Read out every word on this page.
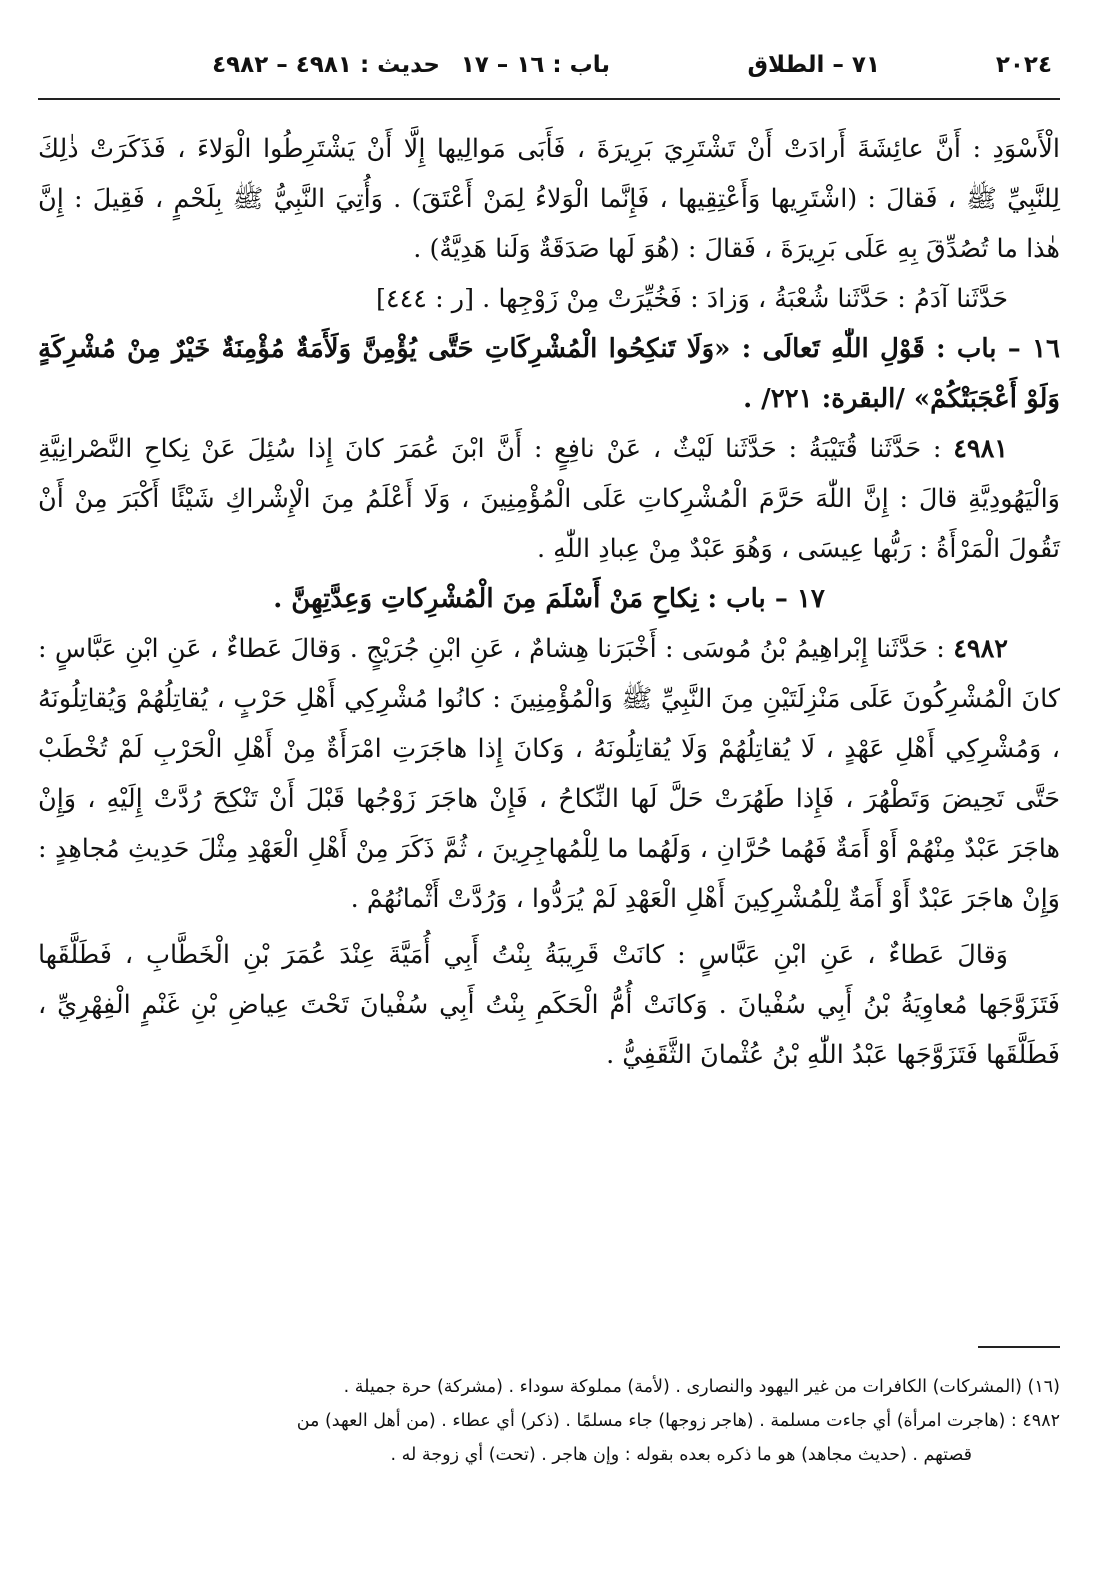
٢٠٢٤
٧١ – الطلاق
باب : ١٦ – ١٧
حديث : ٤٩٨١ – ٤٩٨٢

الْأَسْوَدِ : أَنَّ عائِشَةَ أَرادَتْ أَنْ تَشْتَرِيَ بَرِيرَةَ ، فَأَبَى مَوالِيها إِلَّا أَنْ يَشْتَرِطُوا الْوَلاءَ ، فَذَكَرَتْ ذٰلِكَ لِلنَّبِيِّ ﷺ ، فَقالَ : (اشْتَرِيها وَأَعْتِقِيها ، فَإِنَّما الْوَلاءُ لِمَنْ أَعْتَقَ) . وَأُتِيَ النَّبِيُّ ﷺ بِلَحْمٍ ، فَقِيلَ : إِنَّ هٰذا ما تُصُدِّقَ بِهِ عَلَى بَرِيرَةَ ، فَقالَ : (هُوَ لَها صَدَقَةٌ وَلَنا هَدِيَّةٌ) .

حَدَّثَنا آدَمُ : حَدَّثَنا شُعْبَةُ ، وَزادَ : فَخُيِّرَتْ مِنْ زَوْجِها . [ر : ٤٤٤]

١٦ – باب : قَوْلِ اللّٰهِ تَعالَى : «وَلَا تَنكِحُوا الْمُشْرِكَاتِ حَتَّى يُؤْمِنَّ وَلَأَمَةٌ مُؤْمِنَةٌ خَيْرٌ مِنْ مُشْرِكَةٍ وَلَوْ أَعْجَبَتْكُمْ» /البقرة: ٢٢١/ .

٤٩٨١ : حَدَّثَنا قُتَيْبَةُ : حَدَّثَنا لَيْثٌ ، عَنْ نافِعٍ : أَنَّ ابْنَ عُمَرَ كانَ إِذا سُئِلَ عَنْ نِكاحِ النَّصْرانِيَّةِ وَالْيَهُودِيَّةِ قالَ : إِنَّ اللّٰهَ حَرَّمَ الْمُشْرِكاتِ عَلَى الْمُؤْمِنِينَ ، وَلَا أَعْلَمُ مِنَ الْإِشْراكِ شَيْئًا أَكْبَرَ مِنْ أَنْ تَقُولَ الْمَرْأَةُ : رَبُّها عِيسَى ، وَهُوَ عَبْدٌ مِنْ عِبادِ اللّٰهِ .

١٧ – باب : نِكاحِ مَنْ أَسْلَمَ مِنَ الْمُشْرِكاتِ وَعِدَّتِهِنَّ .

٤٩٨٢ : حَدَّثَنا إِبْراهِيمُ بْنُ مُوسَى : أَخْبَرَنا هِشامٌ ، عَنِ ابْنِ جُرَيْجٍ . وَقالَ عَطاءٌ ، عَنِ ابْنِ عَبَّاسٍ : كانَ الْمُشْرِكُونَ عَلَى مَنْزِلَتَيْنِ مِنَ النَّبِيِّ ﷺ وَالْمُؤْمِنِينَ : كانُوا مُشْرِكِي أَهْلِ حَرْبٍ ، يُقاتِلُهُمْ وَيُقاتِلُونَهُ ، وَمُشْرِكِي أَهْلِ عَهْدٍ ، لَا يُقاتِلُهُمْ وَلَا يُقاتِلُونَهُ ، وَكانَ إِذا هاجَرَتِ امْرَأَةٌ مِنْ أَهْلِ الْحَرْبِ لَمْ تُخْطَبْ حَتَّى تَحِيضَ وَتَطْهُرَ ، فَإِذا طَهُرَتْ حَلَّ لَها النِّكاحُ ، فَإِنْ هاجَرَ زَوْجُها قَبْلَ أَنْ تَنْكِحَ رُدَّتْ إِلَيْهِ ، وَإِنْ هاجَرَ عَبْدٌ مِنْهُمْ أَوْ أَمَةٌ فَهُما حُرَّانِ ، وَلَهُما ما لِلْمُهاجِرِينَ ، ثُمَّ ذَكَرَ مِنْ أَهْلِ الْعَهْدِ مِثْلَ حَدِيثِ مُجاهِدٍ : وَإِنْ هاجَرَ عَبْدٌ أَوْ أَمَةٌ لِلْمُشْرِكِينَ أَهْلِ الْعَهْدِ لَمْ يُرَدُّوا ، وَرُدَّتْ أَثْمانُهُمْ .

وَقالَ عَطاءٌ ، عَنِ ابْنِ عَبَّاسٍ : كانَتْ قَرِيبَةُ بِنْتُ أَبِي أُمَيَّةَ عِنْدَ عُمَرَ بْنِ الْخَطَّابِ ، فَطَلَّقَها فَتَزَوَّجَها مُعاوِيَةُ بْنُ أَبِي سُفْيانَ . وَكانَتْ أُمُّ الْحَكَمِ بِنْتُ أَبِي سُفْيانَ تَحْتَ عِياضِ بْنِ غَنْمٍ الْفِهْرِيِّ ، فَطَلَّقَها فَتَزَوَّجَها عَبْدُ اللّٰهِ بْنُ عُثْمانَ الثَّقَفِيُّ .

(١٦) (المشركات) الكافرات من غير اليهود والنصارى . (لأمة) مملوكة سوداء . (مشركة) حرة جميلة .

٤٩٨٢ : (هاجرت امرأة) أي جاءت مسلمة . (هاجر زوجها) جاء مسلمًا . (ذكر) أي عطاء . (من أهل العهد) من

قصتهم . (حديث مجاهد) هو ما ذكره بعده بقوله : وإن هاجر . (تحت) أي زوجة له .
